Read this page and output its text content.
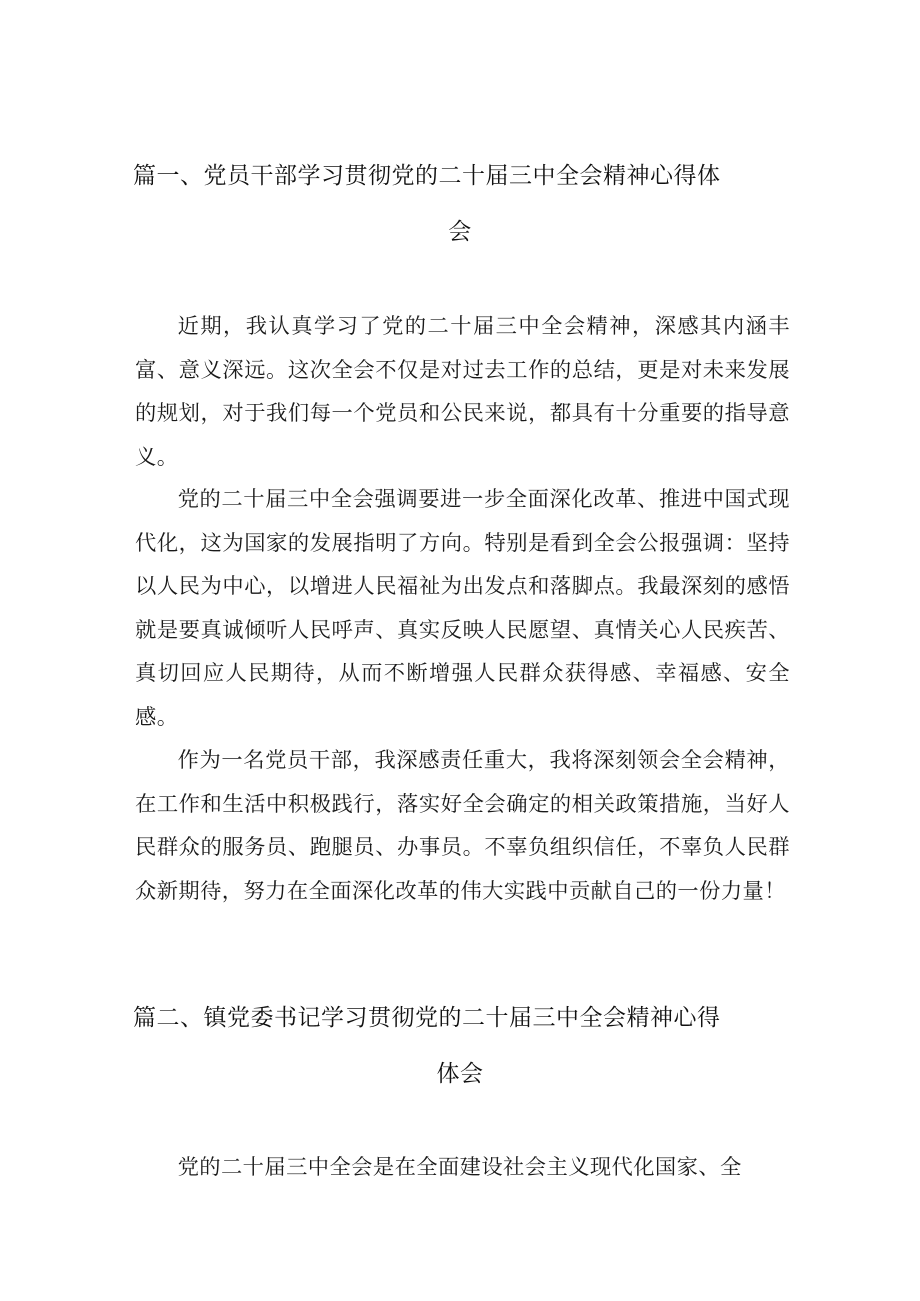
篇一、党员干部学习贯彻党的二十届三中全会精神心得体
会

近期，我认真学习了党的二十届三中全会精神，深感其内涵丰富、意义深远。这次全会不仅是对过去工作的总结，更是对未来发展的规划，对于我们每一个党员和公民来说，都具有十分重要的指导意义。

党的二十届三中全会强调要进一步全面深化改革、推进中国式现代化，这为国家的发展指明了方向。特别是看到全会公报强调：坚持以人民为中心，以增进人民福祉为出发点和落脚点。我最深刻的感悟就是要真诚倾听人民呼声、真实反映人民愿望、真情关心人民疾苦、真切回应人民期待，从而不断增强人民群众获得感、幸福感、安全感。

作为一名党员干部，我深感责任重大，我将深刻领会全会精神，在工作和生活中积极践行，落实好全会确定的相关政策措施，当好人民群众的服务员、跑腿员、办事员。不辜负组织信任，不辜负人民群众新期待，努力在全面深化改革的伟大实践中贡献自己的一份力量！

篇二、镇党委书记学习贯彻党的二十届三中全会精神心得
体会

党的二十届三中全会是在全面建设社会主义现代化国家、全
